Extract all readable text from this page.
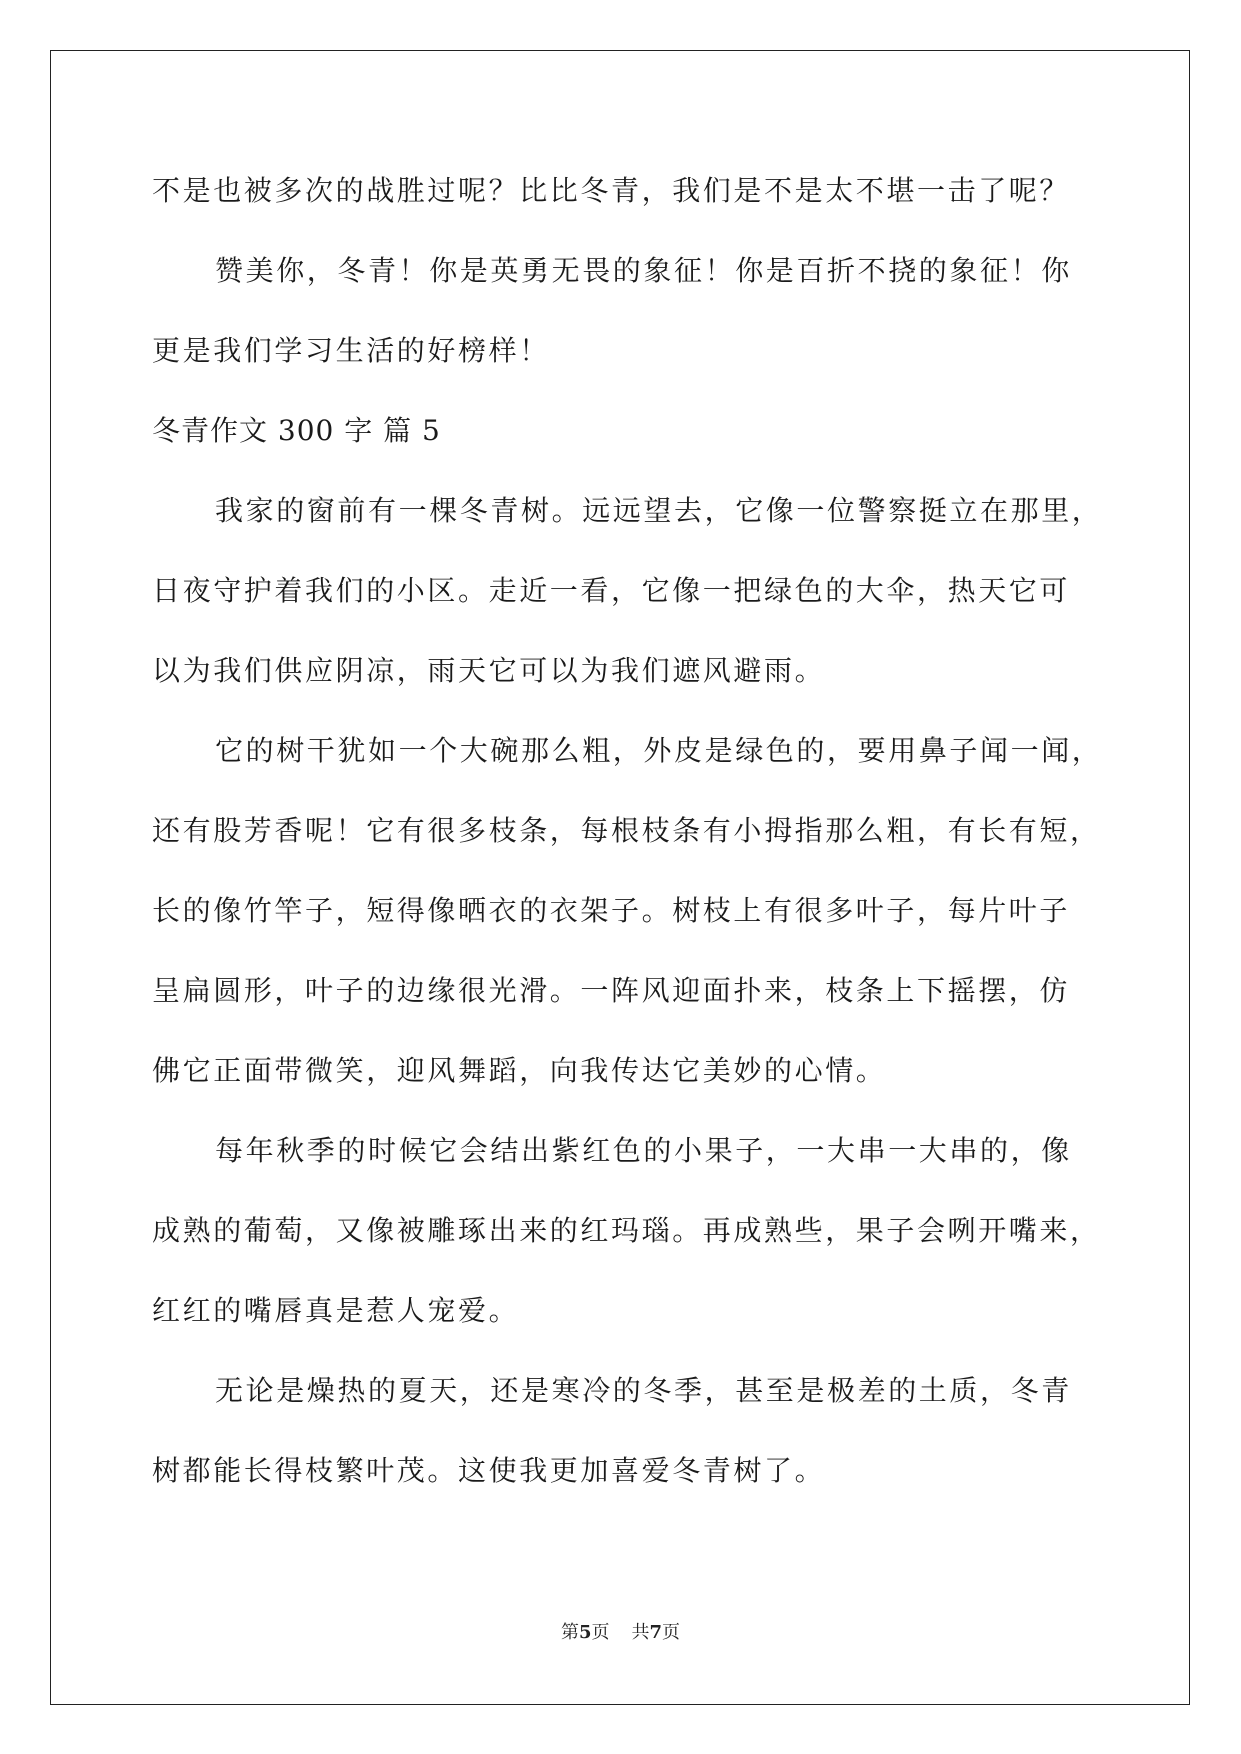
不是也被多次的战胜过呢？比比冬青，我们是不是太不堪一击了呢？

赞美你，冬青！你是英勇无畏的象征！你是百折不挠的象征！你

更是我们学习生活的好榜样！

冬青作文 300 字 篇 5

我家的窗前有一棵冬青树。远远望去，它像一位警察挺立在那里，

日夜守护着我们的小区。走近一看，它像一把绿色的大伞，热天它可

以为我们供应阴凉，雨天它可以为我们遮风避雨。

它的树干犹如一个大碗那么粗，外皮是绿色的，要用鼻子闻一闻，

还有股芳香呢！它有很多枝条，每根枝条有小拇指那么粗，有长有短，

长的像竹竿子，短得像晒衣的衣架子。树枝上有很多叶子，每片叶子

呈扁圆形，叶子的边缘很光滑。一阵风迎面扑来，枝条上下摇摆，仿

佛它正面带微笑，迎风舞蹈，向我传达它美妙的心情。

每年秋季的时候它会结出紫红色的小果子，一大串一大串的，像

成熟的葡萄，又像被雕琢出来的红玛瑙。再成熟些，果子会咧开嘴来，

红红的嘴唇真是惹人宠爱。

无论是燥热的夏天，还是寒冷的冬季，甚至是极差的土质，冬青

树都能长得枝繁叶茂。这使我更加喜爱冬青树了。

第5页 共7页
